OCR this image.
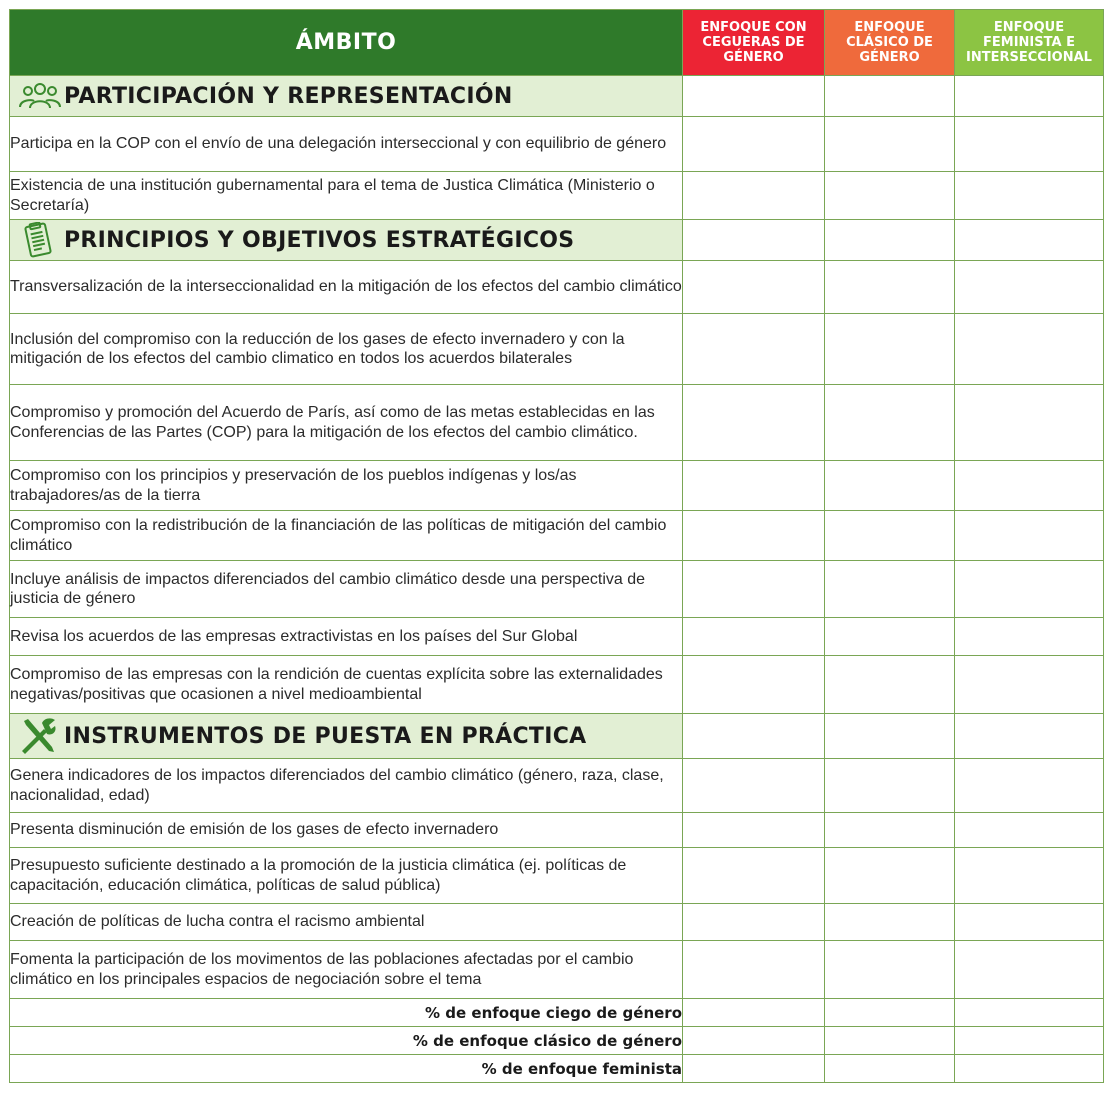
ÁMBITO	ENFOQUE CON CEGUERAS DE GÉNERO	ENFOQUE CLÁSICO DE GÉNERO	ENFOQUE FEMINISTA E INTERSECCIONAL

PARTICIPACIÓN Y REPRESENTACIÓN			

Participa en la COP con el envío de una delegación interseccional y con equilibrio de género			
Existencia de una institución gubernamental para el tema de Justica Climática (Ministerio o Secretaría)			

PRINCIPIOS Y OBJETIVOS ESTRATÉGICOS			

Transversalización de la interseccionalidad en la mitigación de los efectos del cambio climático			
Inclusión del compromiso con la reducción de los gases de efecto invernadero y con la mitigación de los efectos del cambio climatico en todos los acuerdos bilaterales			
Compromiso y promoción del Acuerdo de París, así como de las metas establecidas en las Conferencias de las Partes (COP) para la mitigación de los efectos del cambio climático.			
Compromiso con los principios y preservación de los pueblos indígenas y los/as trabajadores/as de la tierra			
Compromiso con la redistribución de la financiación de las políticas de mitigación del cambio climático			
Incluye análisis de impactos diferenciados del cambio climático desde una perspectiva de justicia de género			
Revisa los acuerdos de las empresas extractivistas en los países del Sur Global			
Compromiso de las empresas con la rendición de cuentas explícita sobre las externalidades negativas/positivas que ocasionen a nivel medioambiental			

INSTRUMENTOS DE PUESTA EN PRÁCTICA			

Genera indicadores de los impactos diferenciados del cambio climático (género, raza, clase, nacionalidad, edad)			
Presenta disminución de emisión de los gases de efecto invernadero			
Presupuesto suficiente destinado a la promoción de la justicia climática (ej. políticas de capacitación, educación climática, políticas de salud pública)			
Creación de políticas de lucha contra el racismo ambiental			
Fomenta la participación de los movimentos de las poblaciones afectadas por el cambio climático en los principales espacios de negociación sobre el tema			
% de enfoque ciego de género			
% de enfoque clásico de género			
% de enfoque feminista			
